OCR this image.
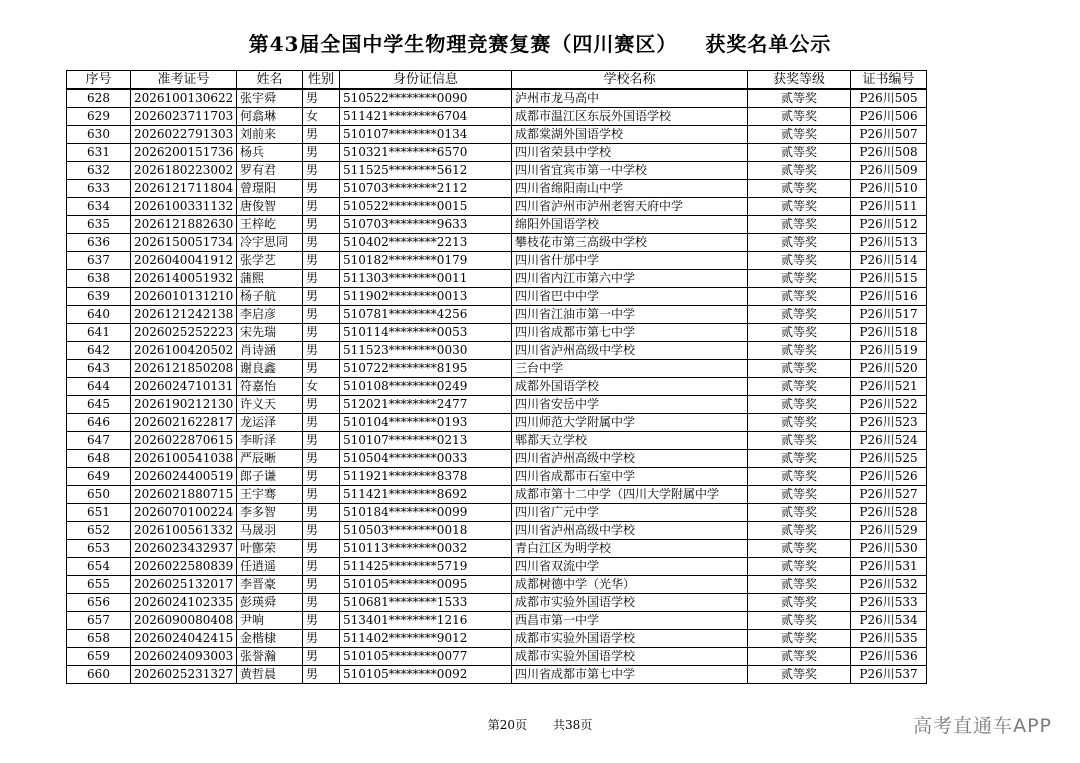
第43届全国中学生物理竞赛复赛（四川赛区） 获奖名单公示
序号	准考证号	姓名	性别	身份证信息	学校名称	获奖等级	证书编号
628	2026100130622	张宇舜	男	510522********0090	泸州市龙马高中	贰等奖	P26川505
629	2026023711703	何翕琳	女	511421********6704	成都市温江区东辰外国语学校	贰等奖	P26川506
630	2026022791303	刘前来	男	510107********0134	成都棠湖外国语学校	贰等奖	P26川507
631	2026200151736	杨兵	男	510321********6570	四川省荣县中学校	贰等奖	P26川508
632	2026180223002	罗有君	男	511525********5612	四川省宜宾市第一中学校	贰等奖	P26川509
633	2026121711804	曾璟阳	男	510703********2112	四川省绵阳南山中学	贰等奖	P26川510
634	2026100331132	唐俊智	男	510522********0015	四川省泸州市泸州老窖天府中学	贰等奖	P26川511
635	2026121882630	王梓屹	男	510703********9633	绵阳外国语学校	贰等奖	P26川512
636	2026150051734	冷宇思同	男	510402********2213	攀枝花市第三高级中学校	贰等奖	P26川513
637	2026040041912	张学艺	男	510182********0179	四川省什邡中学	贰等奖	P26川514
638	2026140051932	蒲熙	男	511303********0011	四川省内江市第六中学	贰等奖	P26川515
639	2026010131210	杨子航	男	511902********0013	四川省巴中中学	贰等奖	P26川516
640	2026121242138	李启彦	男	510781********4256	四川省江油市第一中学	贰等奖	P26川517
641	2026025252223	宋先瑞	男	510114********0053	四川省成都市第七中学	贰等奖	P26川518
642	2026100420502	肖诗涵	男	511523********0030	四川省泸州高级中学校	贰等奖	P26川519
643	2026121850208	谢良鑫	男	510722********8195	三台中学	贰等奖	P26川520
644	2026024710131	符嘉怡	女	510108********0249	成都外国语学校	贰等奖	P26川521
645	2026190212130	许义天	男	512021********2477	四川省安岳中学	贰等奖	P26川522
646	2026021622817	龙运泽	男	510104********0193	四川师范大学附属中学	贰等奖	P26川523
647	2026022870615	李昕泽	男	510107********0213	郫都天立学校	贰等奖	P26川524
648	2026100541038	严辰晰	男	510504********0033	四川省泸州高级中学校	贰等奖	P26川525
649	2026024400519	郎子谦	男	511921********8378	四川省成都市石室中学	贰等奖	P26川526
650	2026021880715	王宇骞	男	511421********8692	成都市第十二中学（四川大学附属中学	贰等奖	P26川527
651	2026070100224	李多智	男	510184********0099	四川省广元中学	贰等奖	P26川528
652	2026100561332	马晟羽	男	510503********0018	四川省泸州高级中学校	贰等奖	P26川529
653	2026023432937	叶鄫荣	男	510113********0032	青白江区为明学校	贰等奖	P26川530
654	2026022580839	任逍遥	男	511425********5719	四川省双流中学	贰等奖	P26川531
655	2026025132017	李晋豪	男	510105********0095	成都树德中学（光华）	贰等奖	P26川532
656	2026024102335	彭瑛舜	男	510681********1533	成都市实验外国语学校	贰等奖	P26川533
657	2026090080408	尹响	男	513401********1216	西昌市第一中学	贰等奖	P26川534
658	2026024042415	金楷棣	男	511402********9012	成都市实验外国语学校	贰等奖	P26川535
659	2026024093003	张誉瀚	男	510105********0077	成都市实验外国语学校	贰等奖	P26川536
660	2026025231327	黄哲晨	男	510105********0092	四川省成都市第七中学	贰等奖	P26川537
第20页 共38页	高考直通车APP
